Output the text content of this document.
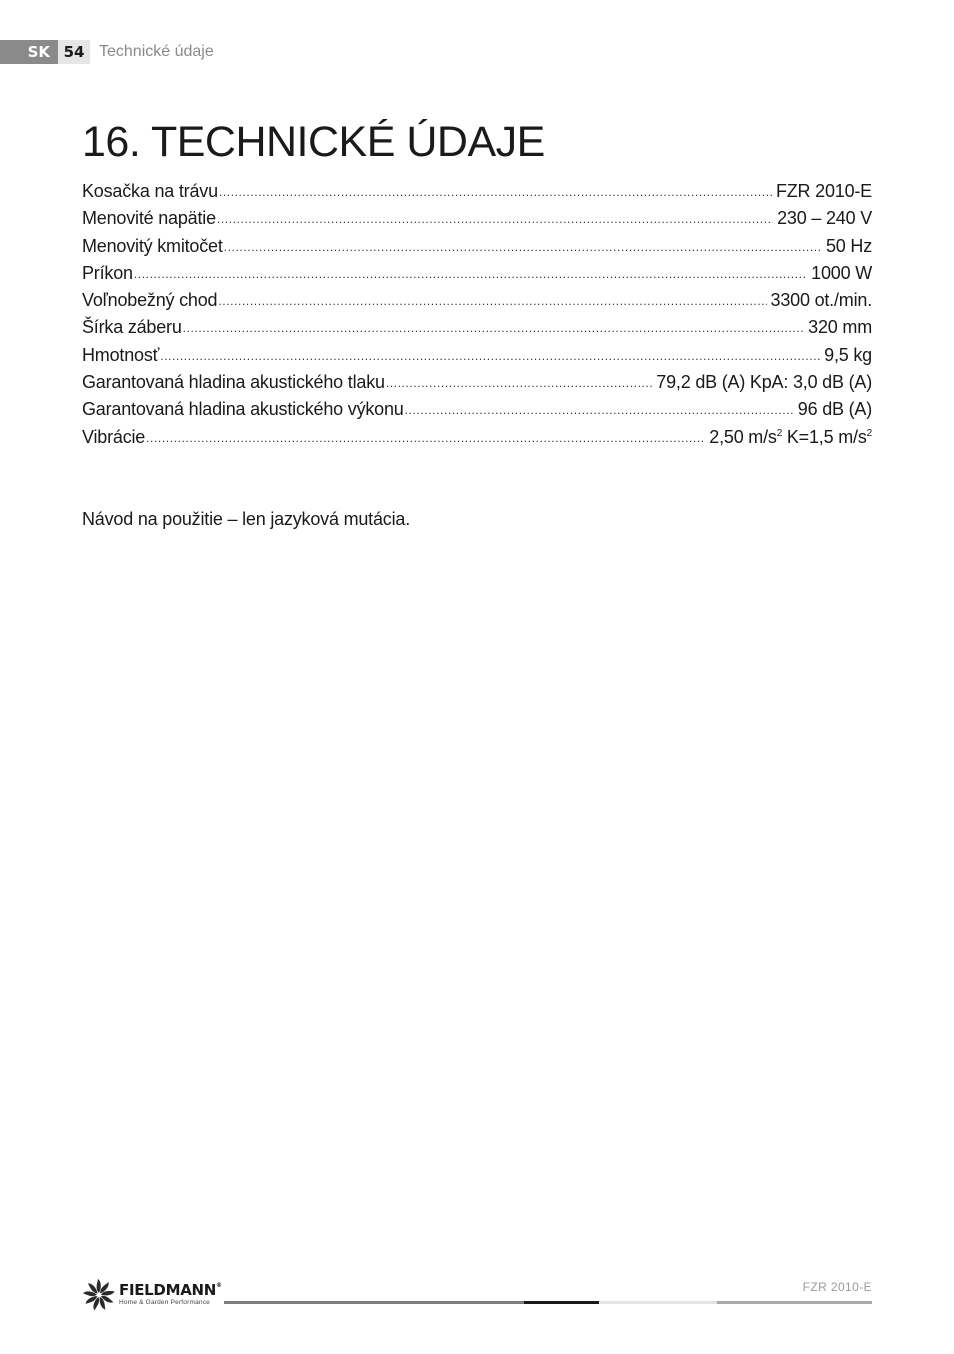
SK 54 Technické údaje
16. TECHNICKÉ ÚDAJE
Kosačka na trávu .....	FZR 2010-E
Menovité napätie .....	230 – 240 V
Menovitý kmitočet .....	50 Hz
Príkon .....	1000 W
Voľnobežný chod .....	3300 ot./min.
Šírka záberu .....	320 mm
Hmotnosť .....	9,5 kg
Garantovaná hladina akustického tlaku .....	79,2 dB (A) KpA: 3,0 dB (A)
Garantovaná hladina akustického výkonu .....	96 dB (A)
Vibrácie .....	2,50 $m/s^2$ K=1,5 $m/s^2$

Návod na použitie – len jazyková mutácia.

FIELDMANN®
Home & Garden Performance
FZR 2010-E
